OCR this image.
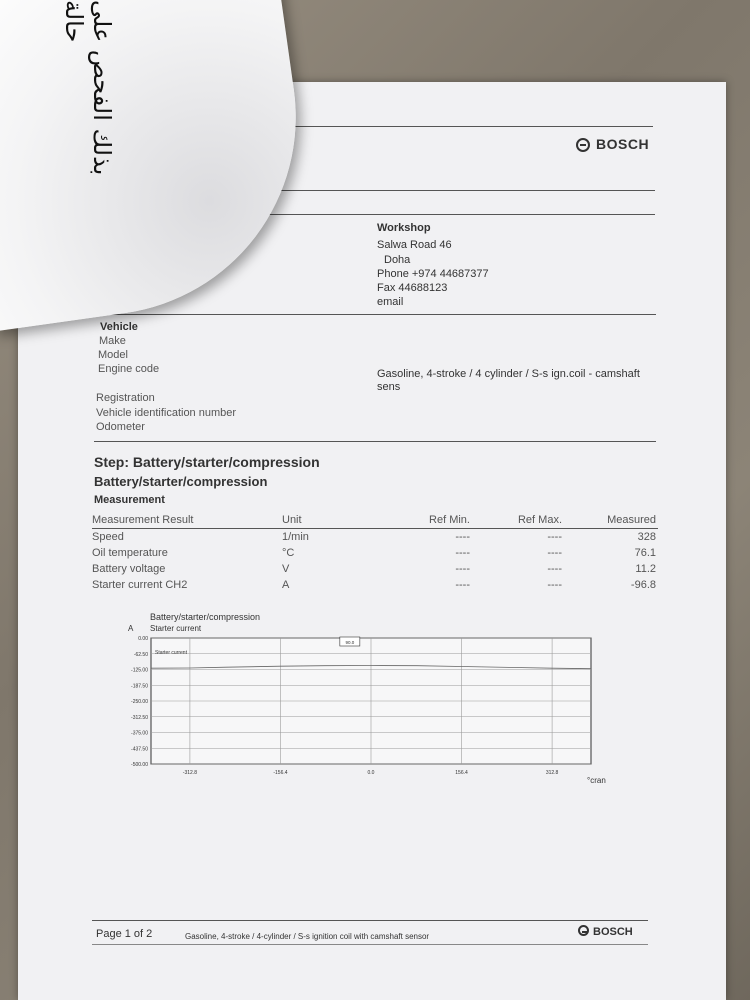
BOSCH
Workshop
Salwa Road 46
Doha
Phone +974 44687377
Fax 44688123
email
Vehicle
Make
Model
Engine code	Gasoline, 4-stroke / 4 cylinder / S-s ign.coil - camshaft
sens
Registration
Vehicle identification number
Odometer
Step: Battery/starter/compression
Battery/starter/compression
Measurement
Measurement Result	Unit	Ref Min.	Ref Max.	Measured
Speed	1/min	----	----	328
Oil temperature	°C	----	----	76.1
Battery voltage	V	----	----	11.2
Starter current CH2	A	----	----	-96.8
Page 1 of 2	Gasoline, 4-stroke / 4-cylinder / S-s ignition coil with camshaft sensor	BOSCH
Battery/starter/compression
A Starter current
°cran
0.00
-62.50
-125.00
-187.50
-250.00
-312.50
-375.00
-437.50
-500.00
-312.8	-156.4	0.0	156.4	312.8
90.0
Starter current
بذلك الفحص على حالة
